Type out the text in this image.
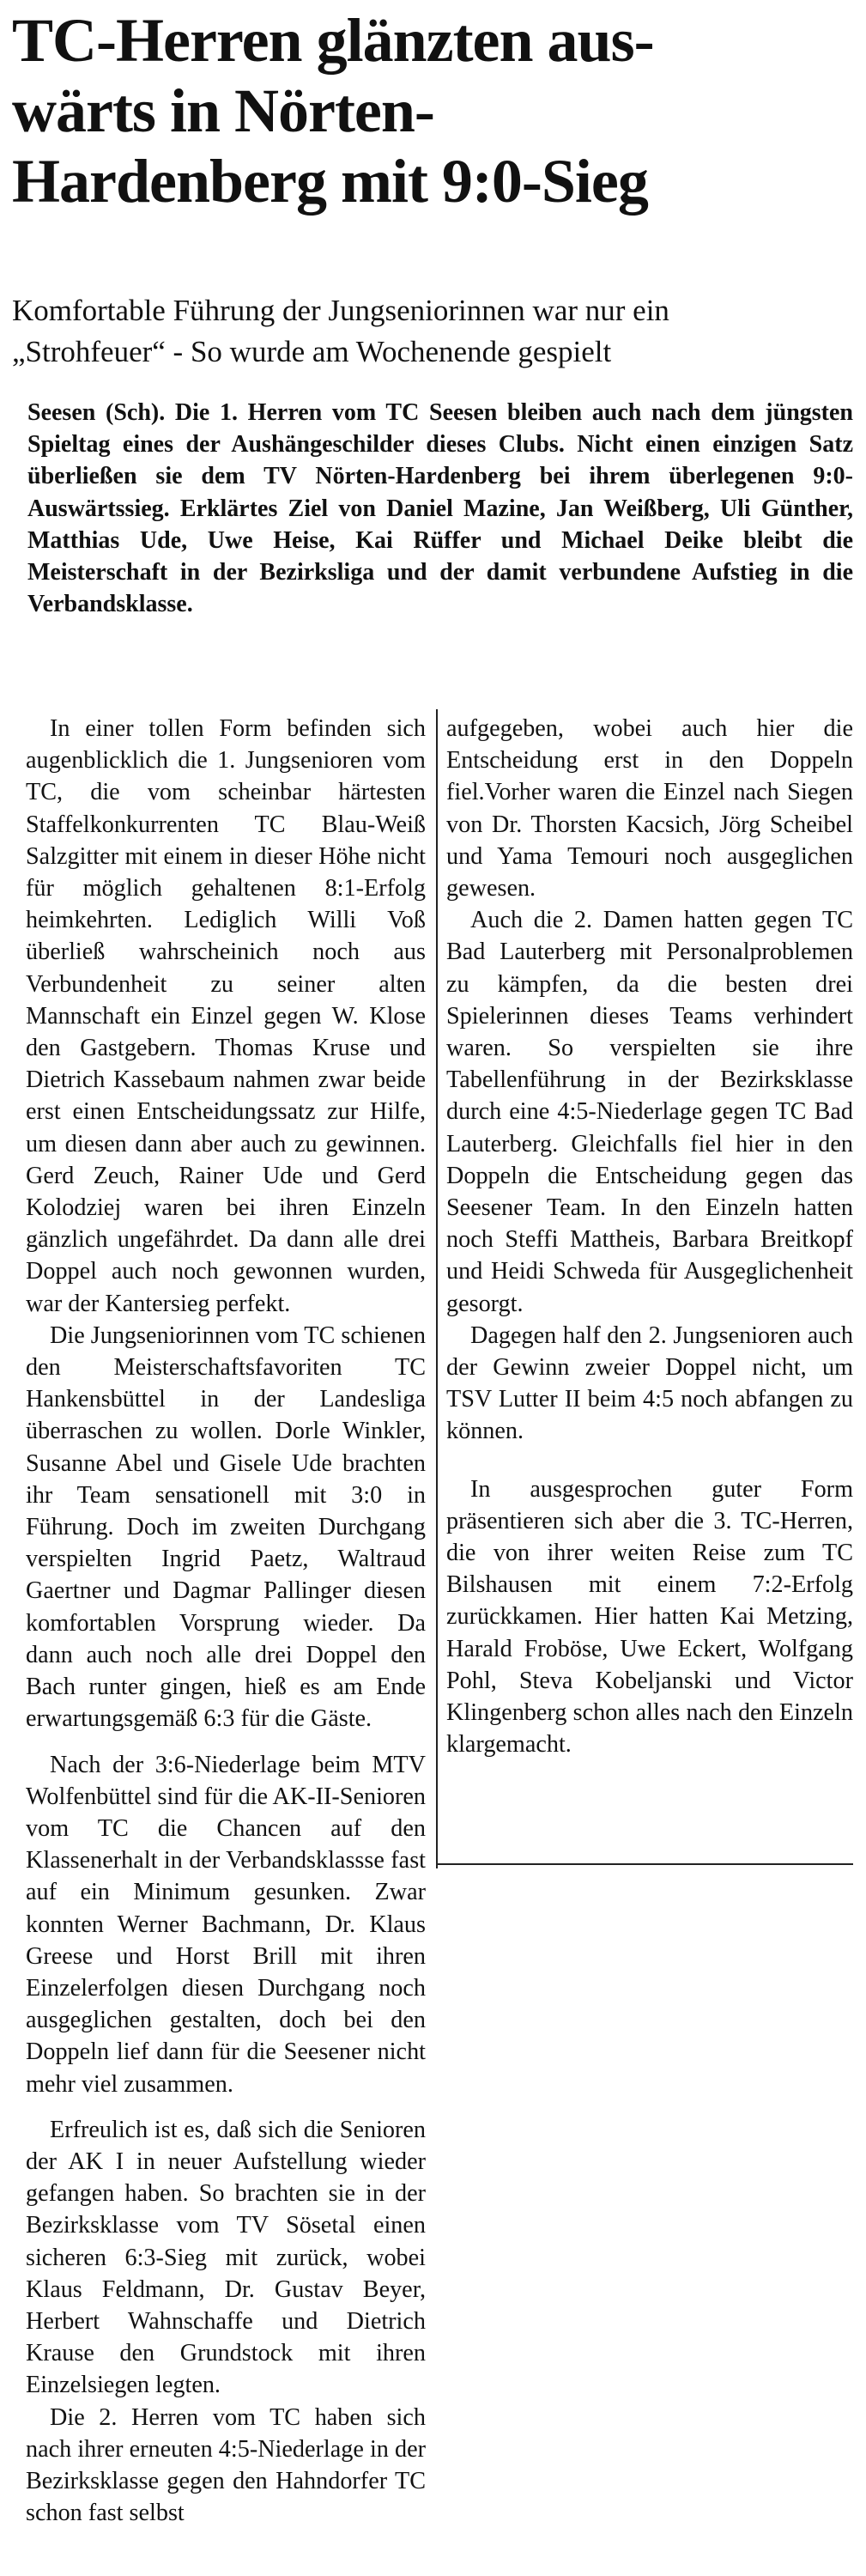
TC-Herren glänzten aus-
wärts in Nörten-
Hardenberg mit 9:0-Sieg
Komfortable Führung der Jungseniorinnen war nur ein
„Strohfeuer“ - So wurde am Wochenende gespielt

Seesen (Sch). Die 1. Herren vom TC Seesen bleiben auch nach dem jüngsten Spieltag eines der Aushängeschilder dieses Clubs. Nicht einen einzigen Satz überließen sie dem TV Nörten-Hardenberg bei ihrem überlegenen 9:0-Auswärtssieg. Erklärtes Ziel von Daniel Mazine, Jan Weißberg, Uli Günther, Matthias Ude, Uwe Heise, Kai Rüffer und Michael Deike bleibt die Meisterschaft in der Bezirksliga und der damit verbundene Aufstieg in die Verbandsklasse.

In einer tollen Form befinden sich augenblicklich die 1. Jungsenioren vom TC, die vom scheinbar härtesten Staffelkonkurrenten TC Blau-Weiß Salzgitter mit einem in dieser Höhe nicht für möglich gehaltenen 8:1-Erfolg heimkehrten. Lediglich Willi Voß überließ wahrscheinich noch aus Verbundenheit zu seiner alten Mannschaft ein Einzel gegen W. Klose den Gastgebern. Thomas Kruse und Dietrich Kassebaum nahmen zwar beide erst einen Entscheidungssatz zur Hilfe, um diesen dann aber auch zu gewinnen. Gerd Zeuch, Rainer Ude und Gerd Kolodziej waren bei ihren Einzeln gänzlich ungefährdet. Da dann alle drei Doppel auch noch gewonnen wurden, war der Kantersieg perfekt.

Die Jungseniorinnen vom TC schienen den Meisterschaftsfavoriten TC Hankensbüttel in der Landesliga überraschen zu wollen. Dorle Winkler, Susanne Abel und Gisele Ude brachten ihr Team sensationell mit 3:0 in Führung. Doch im zweiten Durchgang verspielten Ingrid Paetz, Waltraud Gaertner und Dagmar Pallinger diesen komfortablen Vorsprung wieder. Da dann auch noch alle drei Doppel den Bach runter gingen, hieß es am Ende erwartungsgemäß 6:3 für die Gäste.

Nach der 3:6-Niederlage beim MTV Wolfenbüttel sind für die AK-II-Senioren vom TC die Chancen auf den Klassenerhalt in der Verbandsklassse fast auf ein Minimum gesunken. Zwar konnten Werner Bachmann, Dr. Klaus Greese und Horst Brill mit ihren Einzelerfolgen diesen Durchgang noch ausgeglichen gestalten, doch bei den Doppeln lief dann für die Seesener nicht mehr viel zusammen.

Erfreulich ist es, daß sich die Senioren der AK I in neuer Aufstellung wieder gefangen haben. So brachten sie in der Bezirksklasse vom TV Sösetal einen sicheren 6:3-Sieg mit zurück, wobei Klaus Feldmann, Dr. Gustav Beyer, Herbert Wahnschaffe und Dietrich Krause den Grundstock mit ihren Einzelsiegen legten.

Die 2. Herren vom TC haben sich nach ihrer erneuten 4:5-Niederlage in der Bezirksklasse gegen den Hahndorfer TC schon fast selbst

aufgegeben, wobei auch hier die Entscheidung erst in den Doppeln fiel.Vorher waren die Einzel nach Siegen von Dr. Thorsten Kacsich, Jörg Scheibel und Yama Temouri noch ausgeglichen gewesen.

Auch die 2. Damen hatten gegen TC Bad Lauterberg mit Personalproblemen zu kämpfen, da die besten drei Spielerinnen dieses Teams verhindert waren. So verspielten sie ihre Tabellenführung in der Bezirksklasse durch eine 4:5-Niederlage gegen TC Bad Lauterberg. Gleichfalls fiel hier in den Doppeln die Entscheidung gegen das Seesener Team. In den Einzeln hatten noch Steffi Mattheis, Barbara Breitkopf und Heidi Schweda für Ausgeglichenheit gesorgt.

Dagegen half den 2. Jungsenioren auch der Gewinn zweier Doppel nicht, um TSV Lutter II beim 4:5 noch abfangen zu können.

In ausgesprochen guter Form präsentieren sich aber die 3. TC-Herren, die von ihrer weiten Reise zum TC Bilshausen mit einem 7:2-Erfolg zurückkamen. Hier hatten Kai Metzing, Harald Froböse, Uwe Eckert, Wolfgang Pohl, Steva Kobeljanski und Victor Klingenberg schon alles nach den Einzeln klargemacht.
